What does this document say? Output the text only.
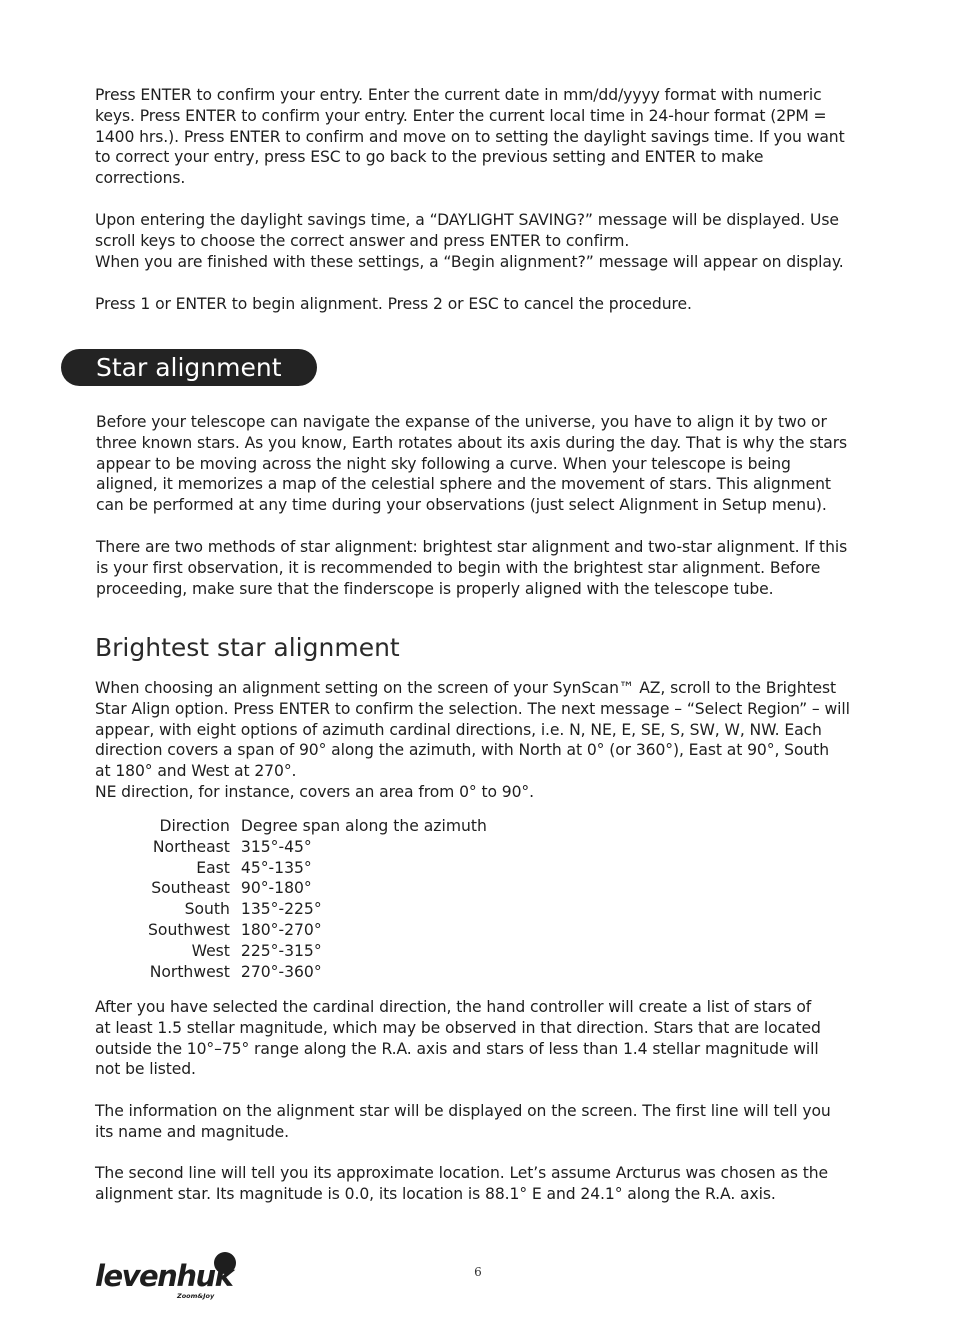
Press ENTER to confirm your entry. Enter the current date in mm/dd/yyyy format with numeric
keys. Press ENTER to confirm your entry. Enter the current local time in 24-hour format (2PM =
1400 hrs.). Press ENTER to confirm and move on to setting the daylight savings time. If you want
to correct your entry, press ESC to go back to the previous setting and ENTER to make
corrections.

Upon entering the daylight savings time, a “DAYLIGHT SAVING?” message will be displayed. Use
scroll keys to choose the correct answer and press ENTER to confirm.
When you are finished with these settings, a “Begin alignment?” message will appear on display.

Press 1 or ENTER to begin alignment. Press 2 or ESC to cancel the procedure.

Star alignment

Before your telescope can navigate the expanse of the universe, you have to align it by two or
three known stars. As you know, Earth rotates about its axis during the day. That is why the stars
appear to be moving across the night sky following a curve. When your telescope is being
aligned, it memorizes a map of the celestial sphere and the movement of stars. This alignment
can be performed at any time during your observations (just select Alignment in Setup menu).

There are two methods of star alignment: brightest star alignment and two-star alignment. If this
is your first observation, it is recommended to begin with the brightest star alignment. Before
proceeding, make sure that the finderscope is properly aligned with the telescope tube.

Brightest star alignment

When choosing an alignment setting on the screen of your SynScan™ AZ, scroll to the Brightest
Star Align option. Press ENTER to confirm the selection. The next message – “Select Region” – will
appear, with eight options of azimuth cardinal directions, i.e. N, NE, E, SE, S, SW, W, NW. Each
direction covers a span of 90° along the azimuth, with North at 0° (or 360°), East at 90°, South
at 180° and West at 270°.
NE direction, for instance, covers an area from 0° to 90°.

Direction	Degree span along the azimuth
Northeast	315°-45°
East	45°-135°
Southeast	90°-180°
South	135°-225°
Southwest	180°-270°
West	225°-315°
Northwest	270°-360°

After you have selected the cardinal direction, the hand controller will create a list of stars of
at least 1.5 stellar magnitude, which may be observed in that direction. Stars that are located
outside the 10°–75° range along the R.A. axis and stars of less than 1.4 stellar magnitude will
not be listed.

The information on the alignment star will be displayed on the screen. The first line will tell you
its name and magnitude.

The second line will tell you its approximate location. Let’s assume Arcturus was chosen as the
alignment star. Its magnitude is 0.0, its location is 88.1° E and 24.1° along the R.A. axis.

levenhuk
Zoom&Joy
6
